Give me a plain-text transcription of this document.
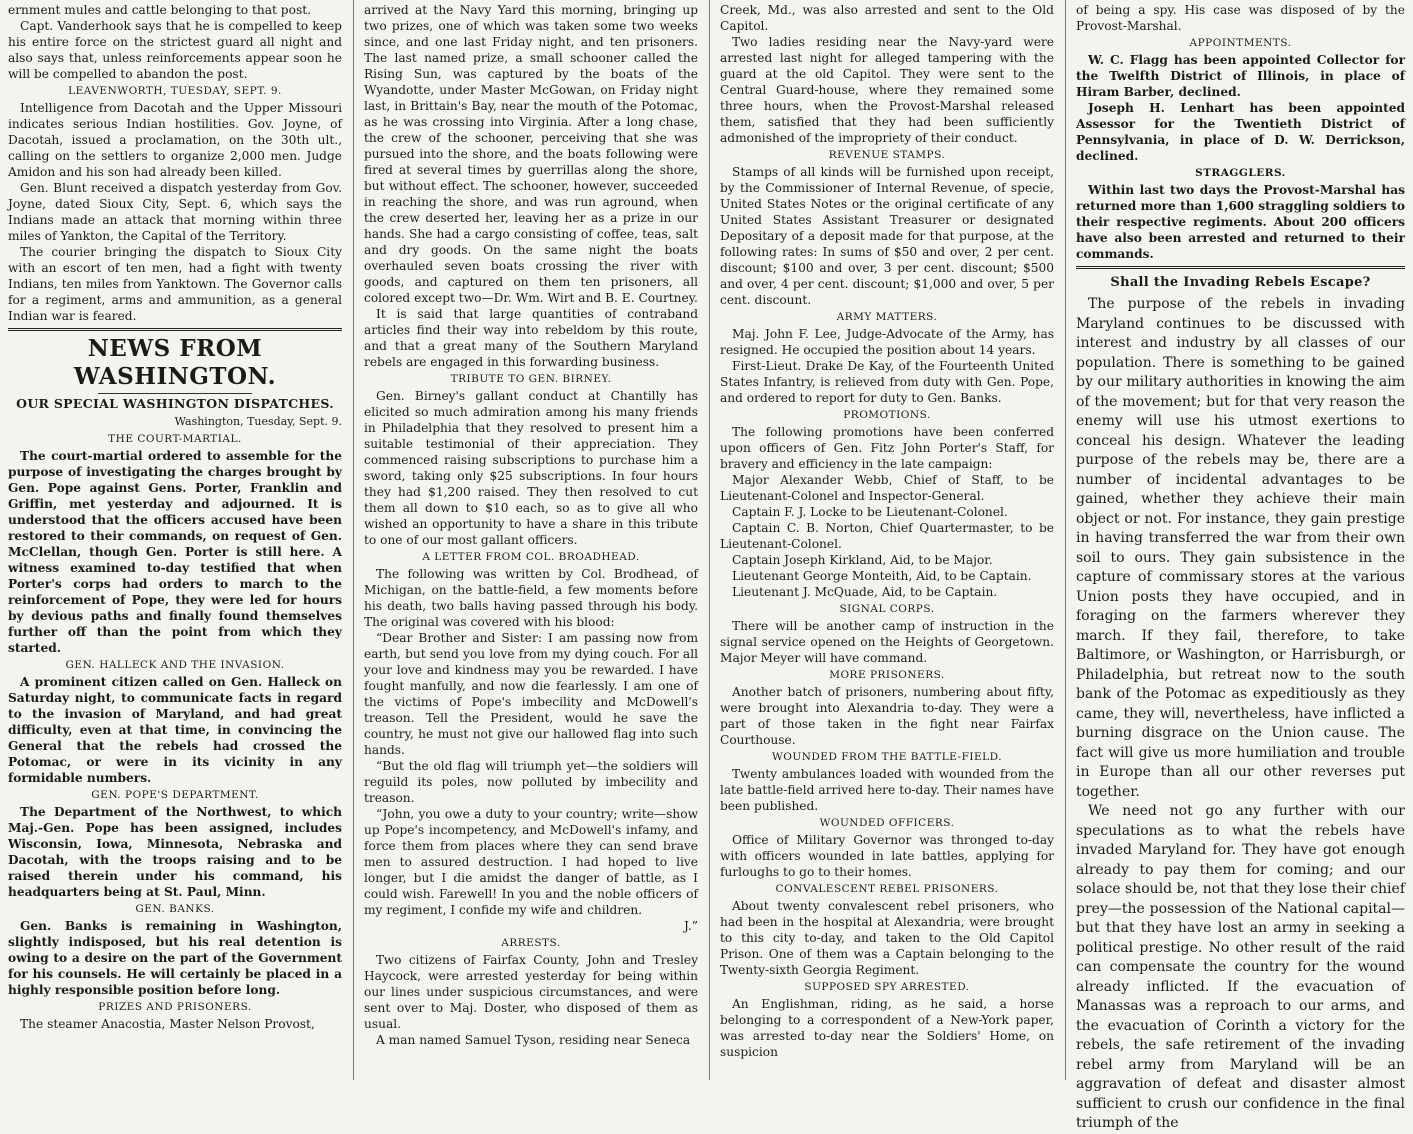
ernment mules and cattle belonging to that post.

Capt. Vanderhook says that he is compelled to keep his entire force on the strictest guard all night and also says that, unless reinforcements appear soon he will be compelled to abandon the post.

LEAVENWORTH, TUESDAY, SEPT. 9.

Intelligence from Dacotah and the Upper Missouri indicates serious Indian hostilities. Gov. Joyne, of Dacotah, issued a proclamation, on the 30th ult., calling on the settlers to organize 2,000 men. Judge Amidon and his son had already been killed.

Gen. Blunt received a dispatch yesterday from Gov. Joyne, dated Sioux City, Sept. 6, which says the Indians made an attack that morning within three miles of Yankton, the Capital of the Territory.

The courier bringing the dispatch to Sioux City with an escort of ten men, had a fight with twenty Indians, ten miles from Yanktown. The Governor calls for a regiment, arms and ammunition, as a general Indian war is feared.

NEWS FROM WASHINGTON.
OUR SPECIAL WASHINGTON DISPATCHES.
Washington, Tuesday, Sept. 9.
THE COURT-MARTIAL.

The court-martial ordered to assemble for the purpose of investigating the charges brought by Gen. Pope against Gens. Porter, Franklin and Griffin, met yesterday and adjourned. It is understood that the officers accused have been restored to their commands, on request of Gen. McClellan, though Gen. Porter is still here. A witness examined to-day testified that when Porter's corps had orders to march to the reinforcement of Pope, they were led for hours by devious paths and finally found themselves further off than the point from which they started.

GEN. HALLECK AND THE INVASION.

A prominent citizen called on Gen. Halleck on Saturday night, to communicate facts in regard to the invasion of Maryland, and had great difficulty, even at that time, in convincing the General that the rebels had crossed the Potomac, or were in its vicinity in any formidable numbers.

GEN. POPE'S DEPARTMENT.

The Department of the Northwest, to which Maj.-Gen. Pope has been assigned, includes Wisconsin, Iowa, Minnesota, Nebraska and Dacotah, with the troops raising and to be raised therein under his command, his headquarters being at St. Paul, Minn.

GEN. BANKS.

Gen. Banks is remaining in Washington, slightly indisposed, but his real detention is owing to a desire on the part of the Government for his counsels. He will certainly be placed in a highly responsible position before long.

PRIZES AND PRISONERS.

The steamer Anacostia, Master Nelson Provost,

arrived at the Navy Yard this morning, bringing up two prizes, one of which was taken some two weeks since, and one last Friday night, and ten prisoners. The last named prize, a small schooner called the Rising Sun, was captured by the boats of the Wyandotte, under Master McGowan, on Friday night last, in Brittain's Bay, near the mouth of the Potomac, as he was crossing into Virginia. After a long chase, the crew of the schooner, perceiving that she was pursued into the shore, and the boats following were fired at several times by guerrillas along the shore, but without effect. The schooner, however, succeeded in reaching the shore, and was run aground, when the crew deserted her, leaving her as a prize in our hands. She had a cargo consisting of coffee, teas, salt and dry goods. On the same night the boats overhauled seven boats crossing the river with goods, and captured on them ten prisoners, all colored except two—Dr. Wm. Wirt and B. E. Courtney.

It is said that large quantities of contraband articles find their way into rebeldom by this route, and that a great many of the Southern Maryland rebels are engaged in this forwarding business.

TRIBUTE TO GEN. BIRNEY.

Gen. Birney's gallant conduct at Chantilly has elicited so much admiration among his many friends in Philadelphia that they resolved to present him a suitable testimonial of their appreciation. They commenced raising subscriptions to purchase him a sword, taking only $25 subscriptions. In four hours they had $1,200 raised. They then resolved to cut them all down to $10 each, so as to give all who wished an opportunity to have a share in this tribute to one of our most gallant officers.

A LETTER FROM COL. BROADHEAD.

The following was written by Col. Brodhead, of Michigan, on the battle-field, a few moments before his death, two balls having passed through his body. The original was covered with his blood:

“Dear Brother and Sister: I am passing now from earth, but send you love from my dying couch. For all your love and kindness may you be rewarded. I have fought manfully, and now die fearlessly. I am one of the victims of Pope's imbecility and McDowell's treason. Tell the President, would he save the country, he must not give our hallowed flag into such hands.

“But the old flag will triumph yet—the soldiers will reguild its poles, now polluted by imbecility and treason.

“John, you owe a duty to your country; write—show up Pope's incompetency, and McDowell's infamy, and force them from places where they can send brave men to assured destruction. I had hoped to live longer, but I die amidst the danger of battle, as I could wish. Farewell! In you and the noble officers of my regiment, I confide my wife and children.

J.”
ARRESTS.

Two citizens of Fairfax County, John and Tresley Haycock, were arrested yesterday for being within our lines under suspicious circumstances, and were sent over to Maj. Doster, who disposed of them as usual.

A man named Samuel Tyson, residing near Seneca

Creek, Md., was also arrested and sent to the Old Capitol.

Two ladies residing near the Navy-yard were arrested last night for alleged tampering with the guard at the old Capitol. They were sent to the Central Guard-house, where they remained some three hours, when the Provost-Marshal released them, satisfied that they had been sufficiently admonished of the impropriety of their conduct.

REVENUE STAMPS.

Stamps of all kinds will be furnished upon receipt, by the Commissioner of Internal Revenue, of specie, United States Notes or the original certificate of any United States Assistant Treasurer or designated Depositary of a deposit made for that purpose, at the following rates: In sums of $50 and over, 2 per cent. discount; $100 and over, 3 per cent. discount; $500 and over, 4 per cent. discount; $1,000 and over, 5 per cent. discount.

ARMY MATTERS.

Maj. John F. Lee, Judge-Advocate of the Army, has resigned. He occupied the position about 14 years.

First-Lieut. Drake De Kay, of the Fourteenth United States Infantry, is relieved from duty with Gen. Pope, and ordered to report for duty to Gen. Banks.

PROMOTIONS.

The following promotions have been conferred upon officers of Gen. Fitz John Porter's Staff, for bravery and efficiency in the late campaign:

Major Alexander Webb, Chief of Staff, to be Lieutenant-Colonel and Inspector-General.

Captain F. J. Locke to be Lieutenant-Colonel.

Captain C. B. Norton, Chief Quartermaster, to be Lieutenant-Colonel.

Captain Joseph Kirkland, Aid, to be Major.

Lieutenant George Monteith, Aid, to be Captain.

Lieutenant J. McQuade, Aid, to be Captain.

SIGNAL CORPS.

There will be another camp of instruction in the signal service opened on the Heights of Georgetown. Major Meyer will have command.

MORE PRISONERS.

Another batch of prisoners, numbering about fifty, were brought into Alexandria to-day. They were a part of those taken in the fight near Fairfax Courthouse.

WOUNDED FROM THE BATTLE-FIELD.

Twenty ambulances loaded with wounded from the late battle-field arrived here to-day. Their names have been published.

WOUNDED OFFICERS.

Office of Military Governor was thronged to-day with officers wounded in late battles, applying for furloughs to go to their homes.

CONVALESCENT REBEL PRISONERS.

About twenty convalescent rebel prisoners, who had been in the hospital at Alexandria, were brought to this city to-day, and taken to the Old Capitol Prison. One of them was a Captain belonging to the Twenty-sixth Georgia Regiment.

SUPPOSED SPY ARRESTED.

An Englishman, riding, as he said, a horse belonging to a correspondent of a New-York paper, was arrested to-day near the Soldiers' Home, on suspicion

of being a spy. His case was disposed of by the Provost-Marshal.

APPOINTMENTS.

W. C. Flagg has been appointed Collector for the Twelfth District of Illinois, in place of Hiram Barber, declined.

Joseph H. Lenhart has been appointed Assessor for the Twentieth District of Pennsylvania, in place of D. W. Derrickson, declined.

STRAGGLERS.

Within last two days the Provost-Marshal has returned more than 1,600 straggling soldiers to their respective regiments. About 200 officers have also been arrested and returned to their commands.

Shall the Invading Rebels Escape?

The purpose of the rebels in invading Maryland continues to be discussed with interest and industry by all classes of our population. There is something to be gained by our military authorities in knowing the aim of the movement; but for that very reason the enemy will use his utmost exertions to conceal his design. Whatever the leading purpose of the rebels may be, there are a number of incidental advantages to be gained, whether they achieve their main object or not. For instance, they gain prestige in having transferred the war from their own soil to ours. They gain subsistence in the capture of commissary stores at the various Union posts they have occupied, and in foraging on the farmers wherever they march. If they fail, therefore, to take Baltimore, or Washington, or Harrisburgh, or Philadelphia, but retreat now to the south bank of the Potomac as expeditiously as they came, they will, nevertheless, have inflicted a burning disgrace on the Union cause. The fact will give us more humiliation and trouble in Europe than all our other reverses put together.

We need not go any further with our speculations as to what the rebels have invaded Maryland for. They have got enough already to pay them for coming; and our solace should be, not that they lose their chief prey—the possession of the National capital—but that they have lost an army in seeking a political prestige. No other result of the raid can compensate the country for the wound already inflicted. If the evacuation of Manassas was a reproach to our arms, and the evacuation of Corinth a victory for the rebels, the safe retirement of the invading rebel army from Maryland will be an aggravation of defeat and disaster almost sufficient to crush our confidence in the final triumph of the
